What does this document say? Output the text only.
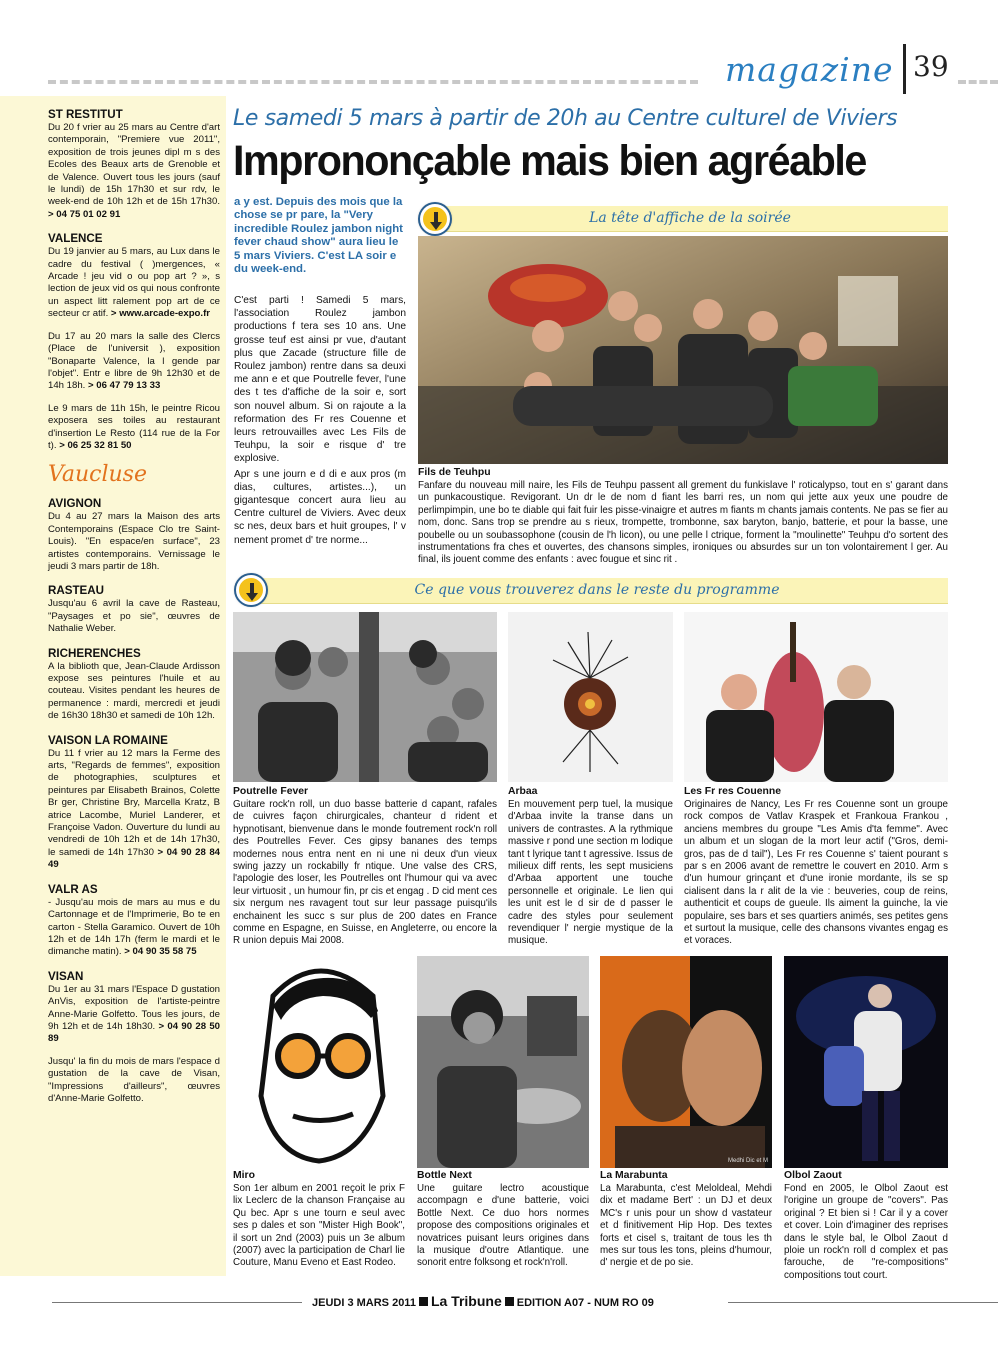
magazine 39
ST RESTITUT

Du 20 f vrier au 25 mars au Centre d'art contemporain, "Premiere vue 2011", exposition de trois jeunes dipl m s des Ecoles des Beaux arts de Grenoble et de Valence. Ouvert tous les jours (sauf le lundi) de 15h 17h30 et sur rdv, le week-end de 10h 12h et de 15h 17h30. > 04 75 01 02 91

VALENCE

Du 19 janvier au 5 mars, au Lux dans le cadre du festival ( )mergences, « Arcade ! jeu vid o ou pop art ? », s lection de jeux vid os qui nous confronte un aspect litt ralement pop art de ce secteur cr atif. > www.arcade-expo.fr

Du 17 au 20 mars la salle des Clercs (Place de l'universit ), exposition "Bonaparte Valence, la l gende par l'objet". Entr e libre de 9h 12h30 et de 14h 18h. > 06 47 79 13 33

Le 9 mars de 11h 15h, le peintre Ricou exposera ses toiles au restaurant d'insertion Le Resto (114 rue de la For t). > 06 25 32 81 50

Vaucluse
AVIGNON

Du 4 au 27 mars la Maison des arts Contemporains (Espace Clo tre Saint-Louis). "En espace/en surface", 23 artistes contemporains. Vernissage le jeudi 3 mars partir de 18h.

RASTEAU

Jusqu'au 6 avril la cave de Rasteau, "Paysages et po sie", œuvres de Nathalie Weber.

RICHERENCHES

A la biblioth que, Jean-Claude Ardisson expose ses peintures l'huile et au couteau. Visites pendant les heures de permanence : mardi, mercredi et jeudi de 16h30 18h30 et samedi de 10h 12h.

VAISON LA ROMAINE

Du 11 f vrier au 12 mars la Ferme des arts, "Regards de femmes", exposition de photographies, sculptures et peintures par Elisabeth Brainos, Colette Br ger, Christine Bry, Marcella Kratz, B atrice Lacombe, Muriel Landerer, et Françoise Vadon. Ouverture du lundi au vendredi de 10h 12h et de 14h 17h30, le samedi de 14h 17h30 > 04 90 28 84 49

VALR AS

- Jusqu'au mois de mars au mus e du Cartonnage et de l'Imprimerie, Bo te en carton - Stella Garamico. Ouvert de 10h 12h et de 14h 17h (ferm le mardi et le dimanche matin). > 04 90 35 58 75

VISAN

Du 1er au 31 mars l'Espace D gustation AnVis, exposition de l'artiste-peintre Anne-Marie Golfetto. Tous les jours, de 9h 12h et de 14h 18h30. > 04 90 28 50 89

Jusqu' la fin du mois de mars l'espace d gustation de la cave de Visan, "Impressions d'ailleurs", œuvres d'Anne-Marie Golfetto.

Le samedi 5 mars à partir de 20h au Centre culturel de Viviers
Imprononçable mais bien agréable
a y est. Depuis des mois que la chose se pr pare, la "Very incredible Roulez jambon night fever chaud show" aura lieu le 5 mars Viviers. C'est LA soir e du week-end.

C'est parti ! Samedi 5 mars, l'association Roulez jambon productions f tera ses 10 ans. Une grosse teuf est ainsi pr vue, d'autant plus que Zacade (structure fille de Roulez jambon) rentre dans sa deuxi me ann e et que Poutrelle fever, l'une des t tes d'affiche de la soir e, sort son nouvel album. Si on rajoute a la reformation des Fr res Couenne et leurs retrouvailles avec Les Fils de Teuhpu, la soir e risque d' tre explosive.

Apr s une journ e d di e aux pros (m dias, cultures, artistes...), un gigantesque concert aura lieu au Centre culturel de Viviers. Avec deux sc nes, deux bars et huit groupes, l' v nement promet d' tre norme...

La tête d'affiche de la soirée
Fils de Teuhpu
Fanfare du nouveau mill naire, les Fils de Teuhpu passent all grement du funkislave l' roticalypso, tout en s' garant dans un punkacoustique. Revigorant. Un dr le de nom d fiant les barri res, un nom qui jette aux yeux une poudre de perlimpimpin, une bo te diable qui fait fuir les pisse-vinaigre et autres m fiants m chants jamais contents. Ne pas se fier au nom, donc. Sans trop se prendre au s rieux, trompette, trombonne, sax baryton, banjo, batterie, et pour la basse, une poubelle ou un soubassophone (cousin de l'h licon), ou une pelle l ctrique, forment la "moulinette" Teuhpu d'o sortent des instrumentations fra ches et ouvertes, des chansons simples, ironiques ou absurdes sur un ton volontairement l ger. Au final, ils jouent comme des enfants : avec fougue et sinc rit .
Ce que vous trouverez dans le reste du programme
Poutrelle Fever
Guitare rock'n roll, un duo basse batterie d capant, rafales de cuivres façon chirurgicales, chanteur d rident et hypnotisant, bienvenue dans le monde foutrement rock'n roll des Poutrelles Fever. Ces gipsy bananes des temps modernes nous entra nent en ni une ni deux d'un vieux swing jazzy un rockabilly fr ntique. Une valse des CRS, l'apologie des loser, les Poutrelles ont l'humour qui va avec leur virtuosit , un humour fin, pr cis et engag . D cid ment ces six nergum nes ravagent tout sur leur passage puisqu'ils enchainent les succ s sur plus de 200 dates en France comme en Espagne, en Suisse, en Angleterre, ou encore la R union depuis Mai 2008.
Arbaa
En mouvement perp tuel, la musique d'Arbaa invite la transe dans un univers de contrastes. A la rythmique massive r pond une section m lodique tant t lyrique tant t agressive. Issus de milieux diff rents, les sept musiciens d'Arbaa apportent une touche personnelle et originale. Le lien qui les unit est le d sir de d passer le cadre des styles pour seulement revendiquer l' nergie mystique de la musique.
Les Fr res Couenne
Originaires de Nancy, Les Fr res Couenne sont un groupe rock compos de Vatlav Kraspek et Frankoua Frankou , anciens membres du groupe "Les Amis d'ta femme". Avec un album et un slogan de la mort leur actif ("Gros, demi-gros, pas de d tail"), Les Fr res Couenne s' taient pourant s par s en 2006 avant de remettre le couvert en 2010. Arm s d'un humour grinçant et d'une ironie mordante, ils se sp cialisent dans la r alit de la vie : beuveries, coup de reins, authenticit et coups de gueule. Ils aiment la guinche, la vie populaire, ses bars et ses quartiers animés, ses petites gens et surtout la musique, celle des chansons vivantes engag es et voraces.
Medhi Dic et M
Miro
Son 1er album en 2001 reçoit le prix F lix Leclerc de la chanson Française au Qu bec. Apr s une tourn e seul avec ses p dales et son "Mister High Book", il sort un 2nd (2003) puis un 3e album (2007) avec la participation de Charl lie Couture, Manu Eveno et East Rodeo.
Bottle Next
Une guitare lectro acoustique accompagn e d'une batterie, voici Bottle Next. Ce duo hors normes propose des compositions originales et novatrices puisant leurs origines dans la musique d'outre Atlantique. une sonorit entre folksong et rock'n'roll.
La Marabunta
La Marabunta, c'est Meloldeal, Mehdi dix et madame Bert' : un DJ et deux MC's r unis pour un show d vastateur et d finitivement Hip Hop. Des textes forts et cisel s, traitant de tous les th mes sur tous les tons, pleins d'humour, d' nergie et de po sie.
Olbol Zaout
Fond en 2005, le Olbol Zaout est l'origine un groupe de "covers". Pas original ? Et bien si ! Car il y a cover et cover. Loin d'imaginer des reprises dans le style bal, le Olbol Zaout d ploie un rock'n roll d complex et pas farouche, de "re-compositions" compositions tout court.
JEUDI 3 MARS 2011 La Tribune EDITION A07 - NUM RO 09
